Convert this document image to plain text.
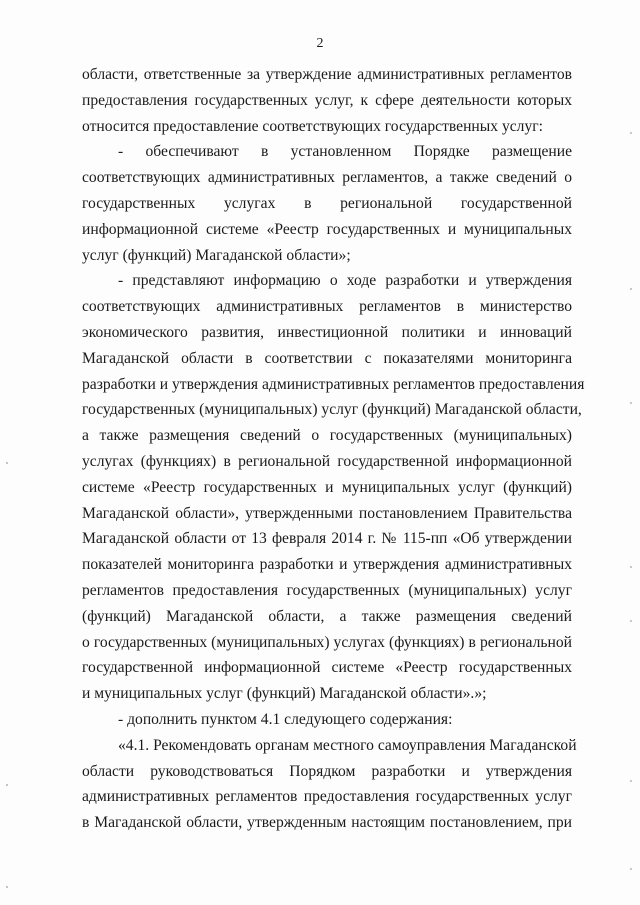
2
области, ответственные за утверждение административных регламентов
предоставления государственных услуг, к сфере деятельности которых
относится предоставление соответствующих государственных услуг:
- обеспечивают в установленном Порядке размещение
соответствующих административных регламентов, а также сведений о
государственных услугах в региональной государственной
информационной системе «Реестр государственных и муниципальных
услуг (функций) Магаданской области»;
- представляют информацию о ходе разработки и утверждения
соответствующих административных регламентов в министерство
экономического развития, инвестиционной политики и инноваций
Магаданской области в соответствии с показателями мониторинга
разработки и утверждения административных регламентов предоставления
государственных (муниципальных) услуг (функций) Магаданской области,
а также размещения сведений о государственных (муниципальных)
услугах (функциях) в региональной государственной информационной
системе «Реестр государственных и муниципальных услуг (функций)
Магаданской области», утвержденными постановлением Правительства
Магаданской области от 13 февраля 2014 г. № 115-пп «Об утверждении
показателей мониторинга разработки и утверждения административных
регламентов предоставления государственных (муниципальных) услуг
(функций) Магаданской области, а также размещения сведений
о государственных (муниципальных) услугах (функциях) в региональной
государственной информационной системе «Реестр государственных
и муниципальных услуг (функций) Магаданской области».»;
- дополнить пунктом 4.1 следующего содержания:
«4.1. Рекомендовать органам местного самоуправления Магаданской
области руководствоваться Порядком разработки и утверждения
административных регламентов предоставления государственных услуг
в Магаданской области, утвержденным настоящим постановлением, при
